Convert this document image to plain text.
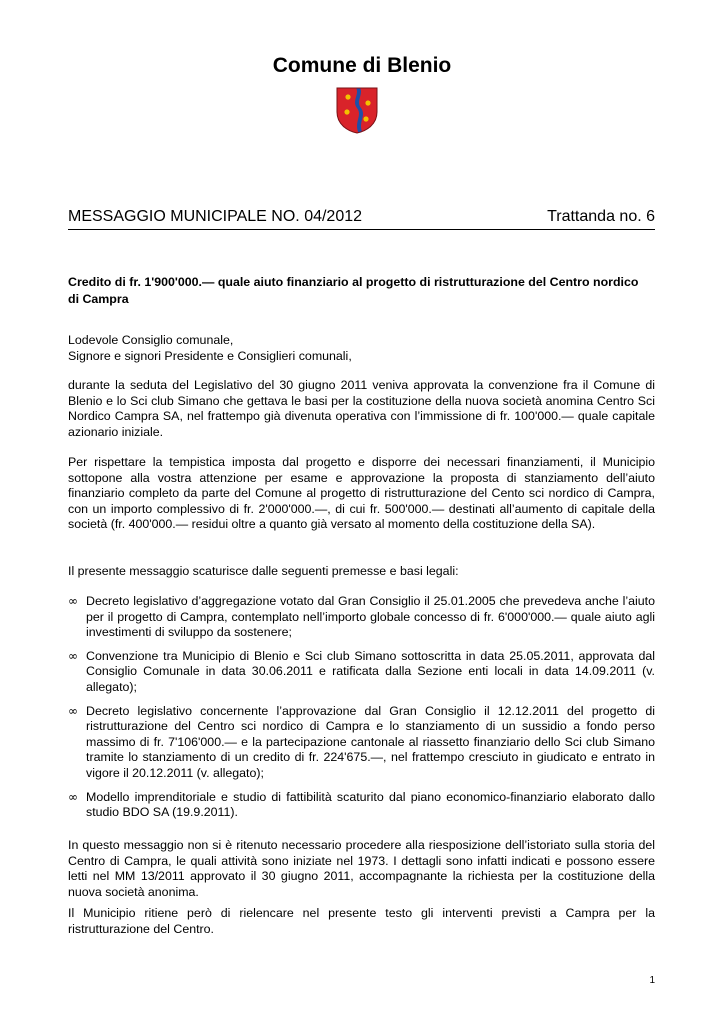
Comune di Blenio
MESSAGGIO MUNICIPALE NO. 04/2012	Trattanda no. 6

Credito di fr. 1'900'000.— quale aiuto finanziario al progetto di ristrutturazione del Centro nordico di Campra

Lodevole Consiglio comunale,
Signore e signori Presidente e Consiglieri comunali,

durante la seduta del Legislativo del 30 giugno 2011 veniva approvata la convenzione fra il Comune di Blenio e lo Sci club Simano che gettava le basi per la costituzione della nuova società anomina Centro Sci Nordico Campra SA, nel frattempo già divenuta operativa con l’immissione di fr. 100'000.— quale capitale azionario iniziale.

Per rispettare la tempistica imposta dal progetto e disporre dei necessari finanziamenti, il Municipio sottopone alla vostra attenzione per esame e approvazione la proposta di stanziamento dell’aiuto finanziario completo da parte del Comune al progetto di ristrutturazione del Cento sci nordico di Campra, con un importo complessivo di fr. 2'000'000.—, di cui fr. 500'000.— destinati all’aumento di capitale della società (fr. 400'000.— residui oltre a quanto già versato al momento della costituzione della SA).

Il presente messaggio scaturisce dalle seguenti premesse e basi legali:

∞ Decreto legislativo d’aggregazione votato dal Gran Consiglio il 25.01.2005 che prevedeva anche l’aiuto per il progetto di Campra, contemplato nell’importo globale concesso di fr. 6'000'000.— quale aiuto agli investimenti di sviluppo da sostenere;
∞ Convenzione tra Municipio di Blenio e Sci club Simano sottoscritta in data 25.05.2011, approvata dal Consiglio Comunale in data 30.06.2011 e ratificata dalla Sezione enti locali in data 14.09.2011 (v. allegato);
∞ Decreto legislativo concernente l’approvazione dal Gran Consiglio il 12.12.2011 del progetto di ristrutturazione del Centro sci nordico di Campra e lo stanziamento di un sussidio a fondo perso massimo di fr. 7'106'000.— e la partecipazione cantonale al riassetto finanziario dello Sci club Simano tramite lo stanziamento di un credito di fr. 224'675.—, nel frattempo cresciuto in giudicato e entrato in vigore il 20.12.2011 (v. allegato);
∞ Modello imprenditoriale e studio di fattibilità scaturito dal piano economico-finanziario elaborato dallo studio BDO SA (19.9.2011).

In questo messaggio non si è ritenuto necessario procedere alla riesposizione dell’istoriato sulla storia del Centro di Campra, le quali attività sono iniziate nel 1973. I dettagli sono infatti indicati e possono essere letti nel MM 13/2011 approvato il 30 giugno 2011, accompagnante la richiesta per la costituzione della nuova società anonima.

Il Municipio ritiene però di rielencare nel presente testo gli interventi previsti a Campra per la ristrutturazione del Centro.

1
